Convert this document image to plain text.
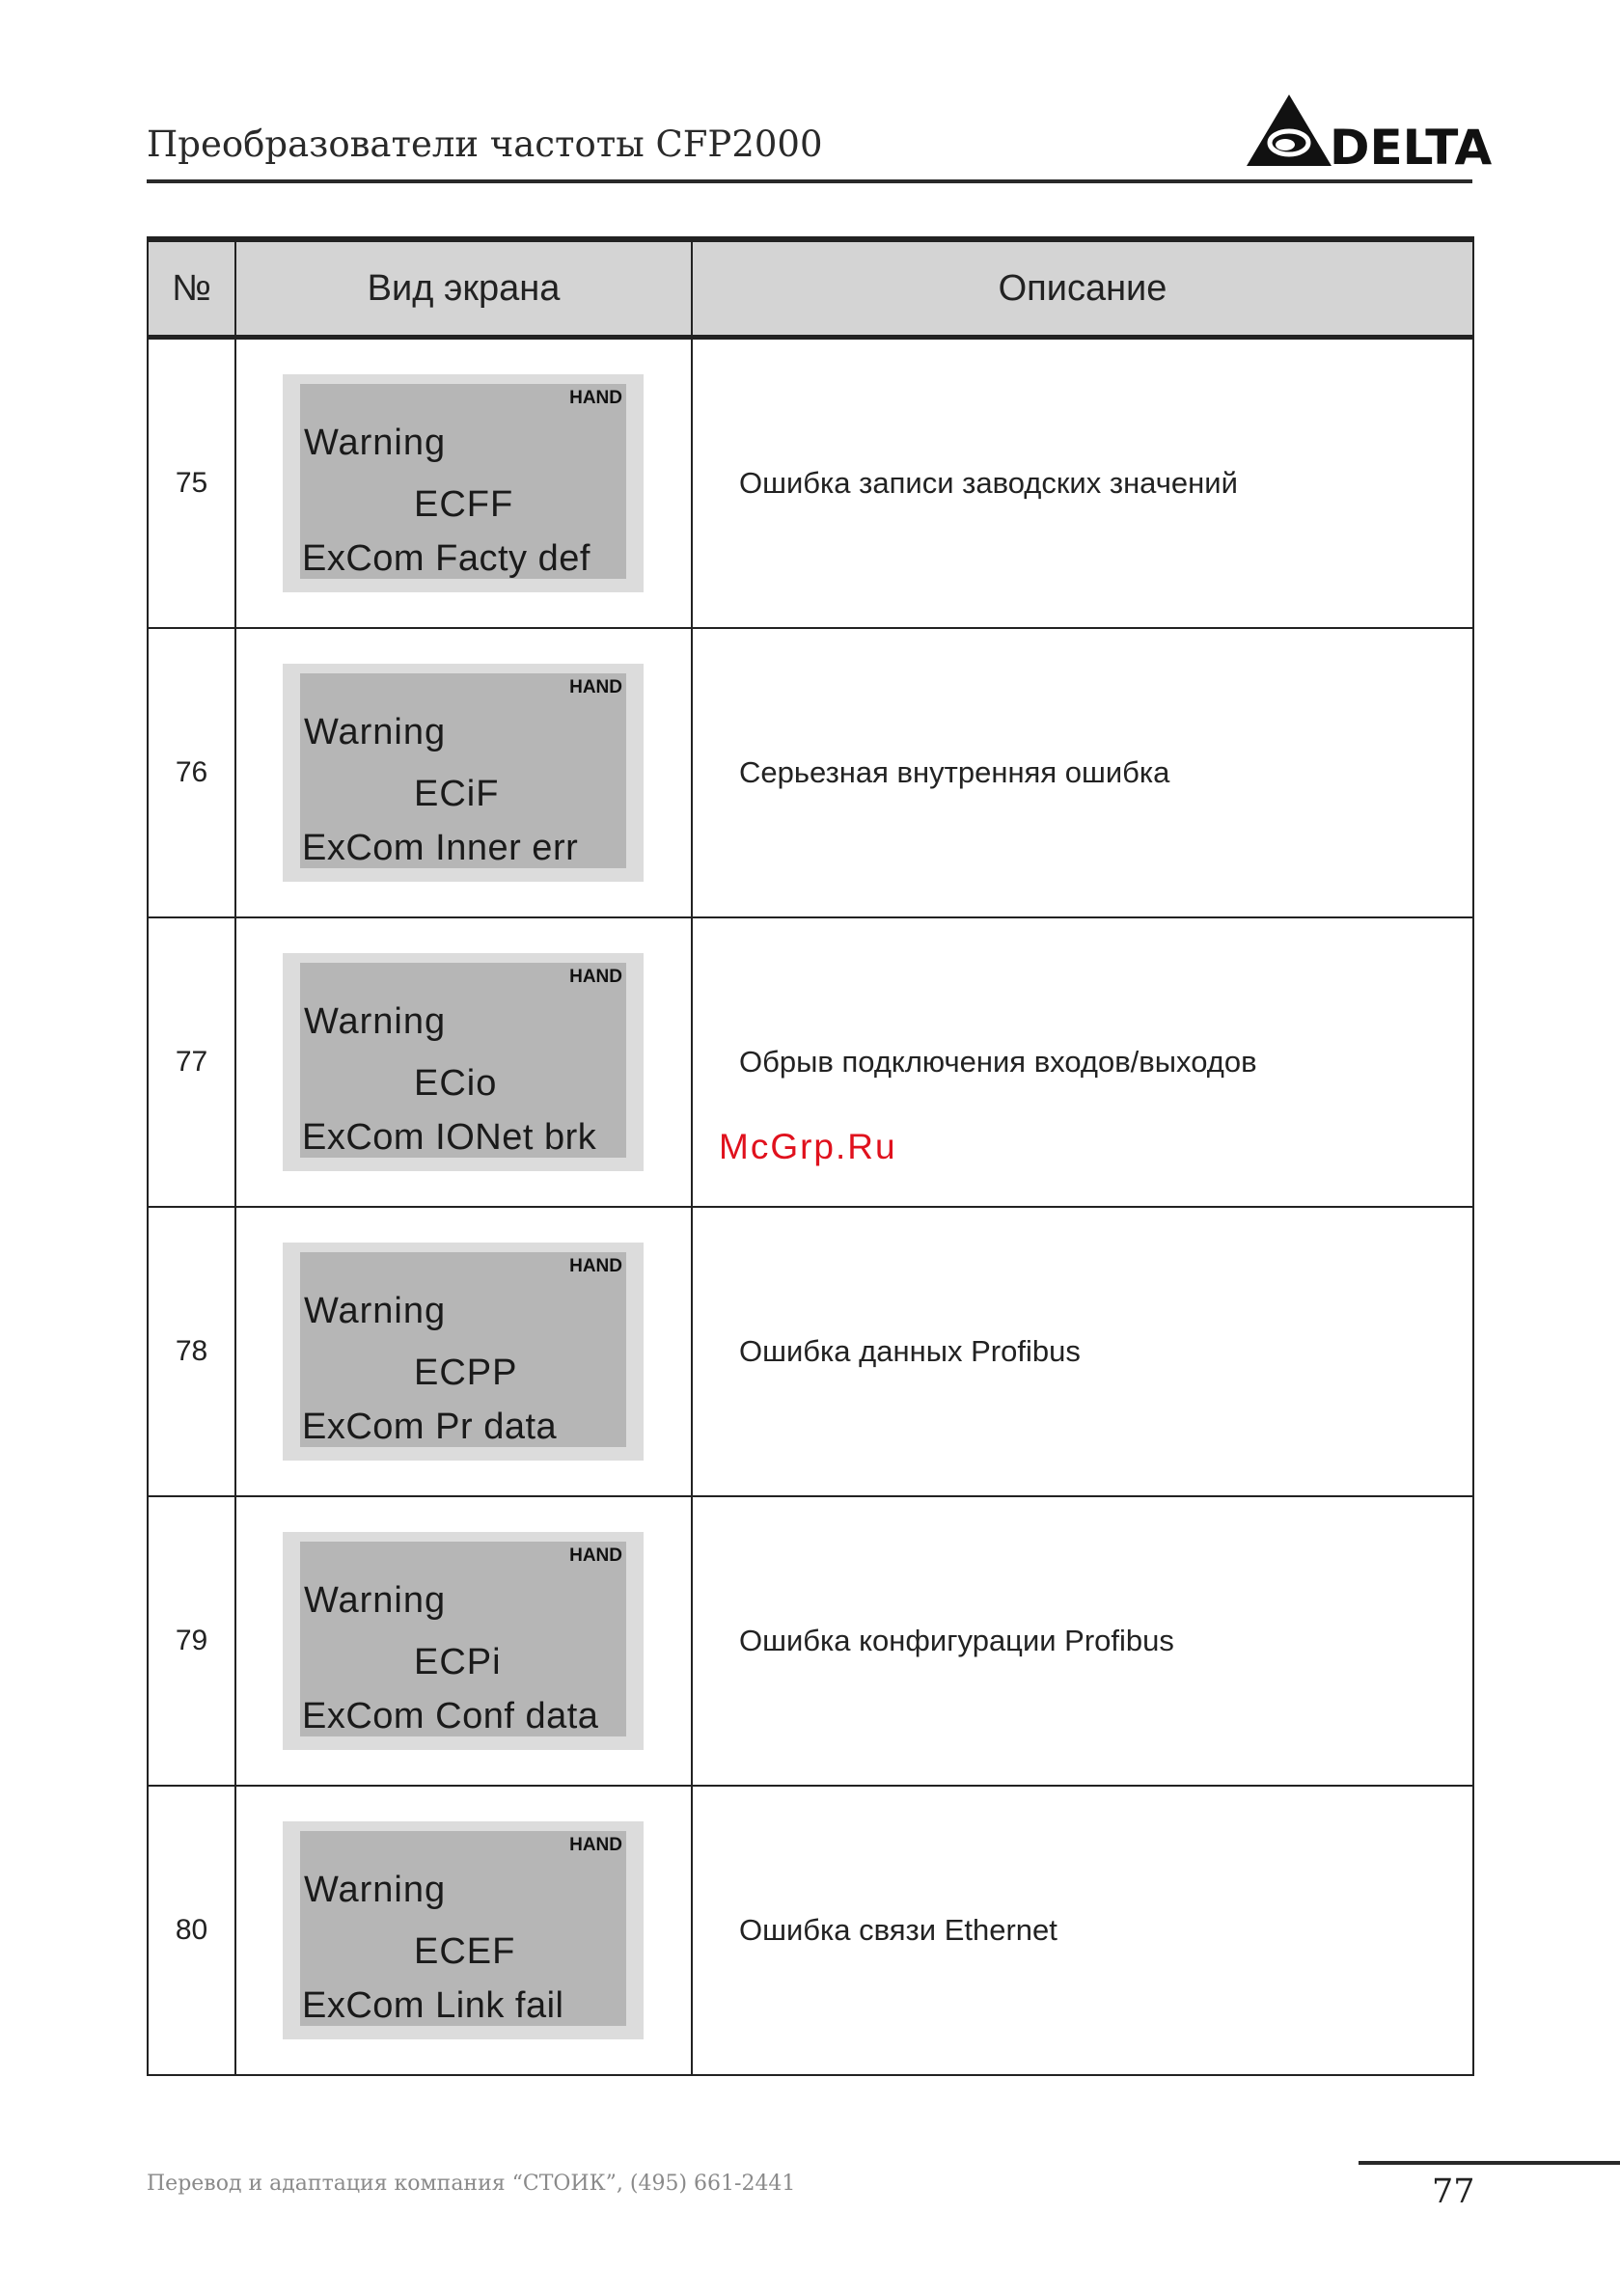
Преобразователи частоты CFP2000	DELTA
№	Вид экрана	Описание
75	HAND
Warning
ECFF
ExCom Facty def	Ошибка записи заводских значений
76	HAND
Warning
ECiF
ExCom Inner err	Серьезная внутренняя ошибка
77	HAND
Warning
ECio
ExCom IONet brk	Обрыв подключения входов/выходов
78	HAND
Warning
ECPP
ExCom Pr data	Ошибка данных Profibus
79	HAND
Warning
ECPi
ExCom Conf data	Ошибка конфигурации Profibus
80	HAND
Warning
ECEF
ExCom Link fail	Ошибка связи Ethernet
McGrp.Ru
Перевод и адаптация компания “СТОИК”, (495) 661-2441	77
